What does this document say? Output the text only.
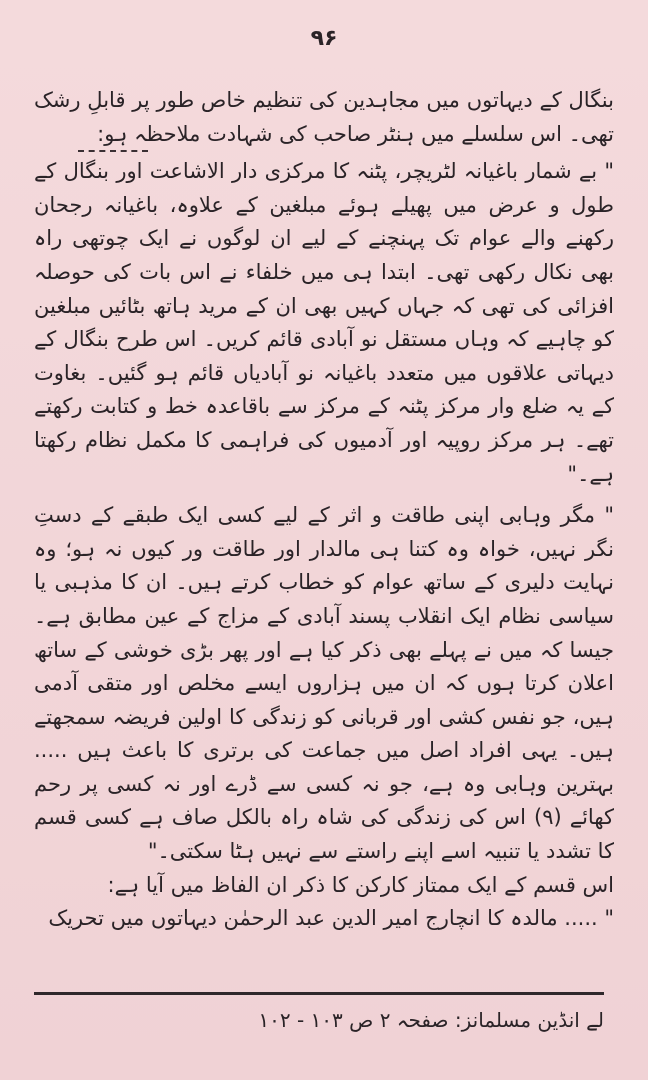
۹۶

بنگال کے دیہاتوں میں مجاہدین کی تنظیم خاص طور پر قابلِ رشک تھی۔ اس سلسلے میں ہنٹر صاحب کی شہادت ملاحظہ ہو:

" بے شمار باغیانہ لٹریچر، پٹنہ کا مرکزی دار الاشاعت اور بنگال کے طول و عرض میں پھیلے ہوئے مبلغین کے علاوہ، باغیانہ رجحان رکھنے والے عوام تک پہنچنے کے لیے ان لوگوں نے ایک چوتھی راہ بھی نکال رکھی تھی۔ ابتدا ہی میں خلفاء نے اس بات کی حوصلہ افزائی کی تھی کہ جہاں کہیں بھی ان کے مرید ہاتھ بٹائیں مبلغین کو چاہیے کہ وہاں مستقل نو آبادی قائم کریں۔ اس طرح بنگال کے دیہاتی علاقوں میں متعدد باغیانہ نو آبادیاں قائم ہو گئیں۔ بغاوت کے یہ ضلع وار مرکز پٹنہ کے مرکز سے باقاعدہ خط و کتابت رکھتے تھے۔ ہر مرکز روپیہ اور آدمیوں کی فراہمی کا مکمل نظام رکھتا ہے۔"

" مگر وہابی اپنی طاقت و اثر کے لیے کسی ایک طبقے کے دستِ نگر نہیں، خواہ وہ کتنا ہی مالدار اور طاقت ور کیوں نہ ہو؛ وہ نہایت دلیری کے ساتھ عوام کو خطاب کرتے ہیں۔ ان کا مذہبی یا سیاسی نظام ایک انقلاب پسند آبادی کے مزاج کے عین مطابق ہے۔ جیسا کہ میں نے پہلے بھی ذکر کیا ہے اور پھر بڑی خوشی کے ساتھ اعلان کرتا ہوں کہ ان میں ہزاروں ایسے مخلص اور متقی آدمی ہیں، جو نفس کشی اور قربانی کو زندگی کا اولین فریضہ سمجھتے ہیں۔ یہی افراد اصل میں جماعت کی برتری کا باعث ہیں ..... بہترین وہابی وہ ہے، جو نہ کسی سے ڈرے اور نہ کسی پر رحم کھائے (۹) اس کی زندگی کی شاہ راہ بالکل صاف ہے کسی قسم کا تشدد یا تنبیہ اسے اپنے راستے سے نہیں ہٹا سکتی۔"

اس قسم کے ایک ممتاز کارکن کا ذکر ان الفاظ میں آیا ہے:

" ..... مالدہ کا انچارج امیر الدین عبد الرحمٰن دیہاتوں میں تحریک

لے انڈین مسلمانز: صفحہ ۲ ص ۱۰۳ - ۱۰۲
